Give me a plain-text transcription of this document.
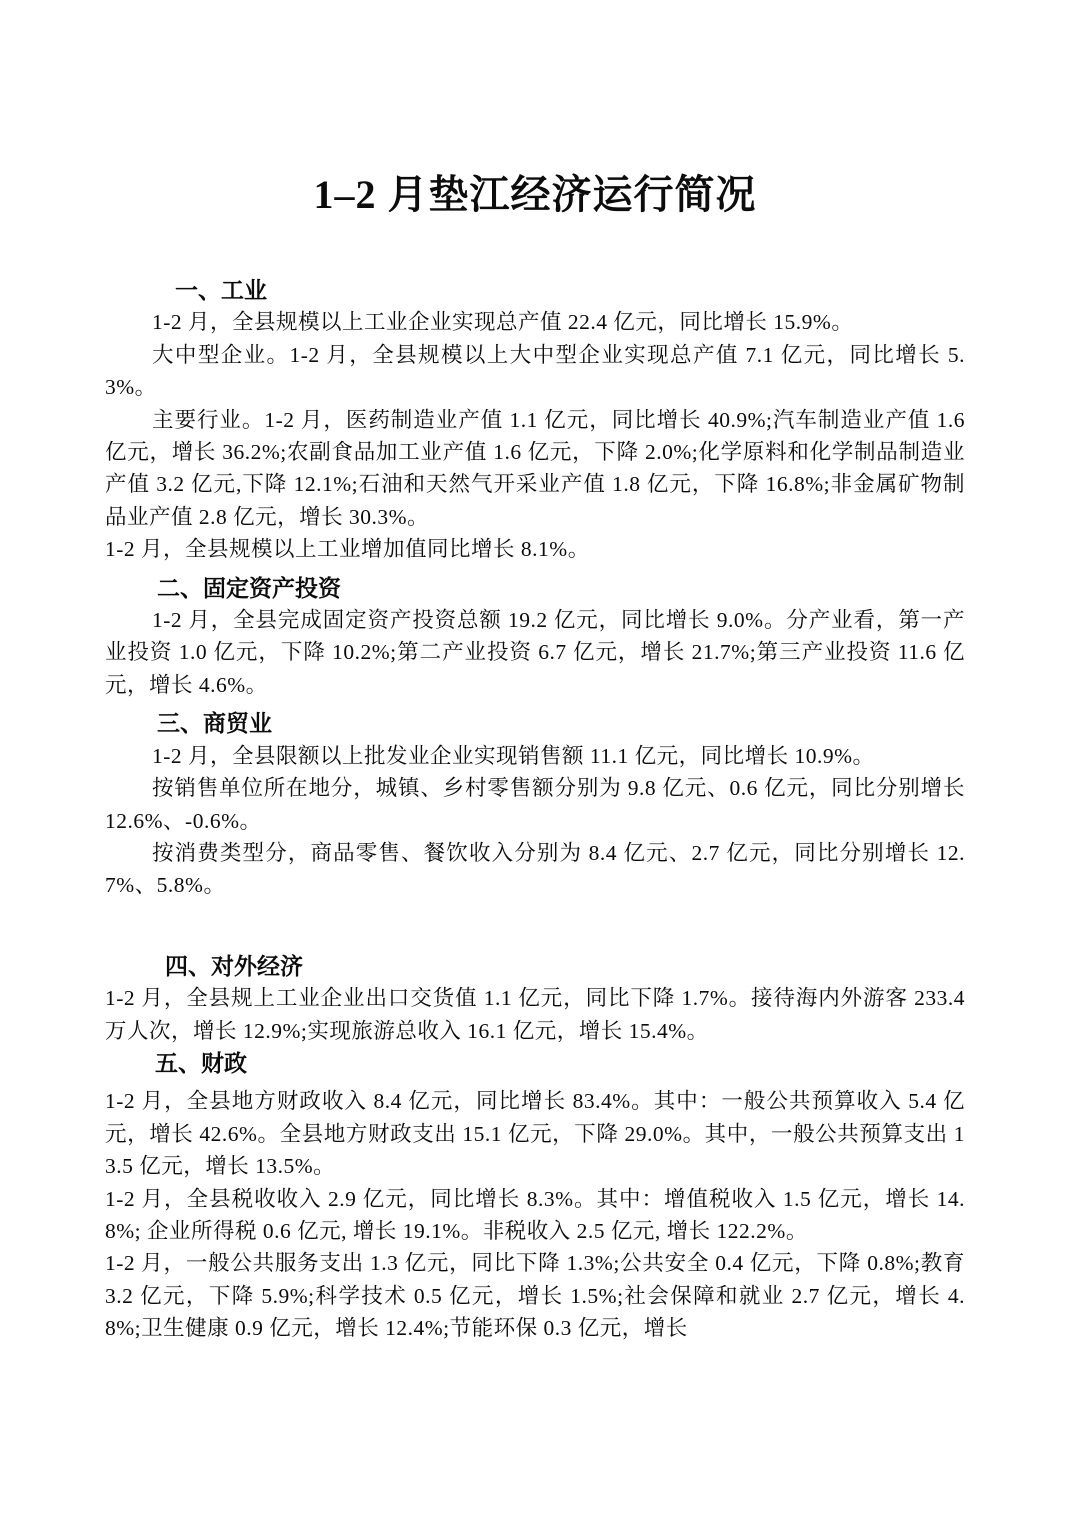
1–2 月垫江经济运行简况
一、工业

1-2 月，全县规模以上工业企业实现总产值 22.4 亿元，同比增长 15.9%。

大中型企业。1-2 月，全县规模以上大中型企业实现总产值 7.1 亿元，同比增长 5.3%。

主要行业。1-2 月，医药制造业产值 1.1 亿元，同比增长 40.9%;汽车制造业产值 1.6 亿元，增长 36.2%;农副食品加工业产值 1.6 亿元，下降 2.0%;化学原料和化学制品制造业产值 3.2 亿元,下降 12.1%;石油和天然气开采业产值 1.8 亿元，下降 16.8%;非金属矿物制品业产值 2.8 亿元，增长 30.3%。

1-2 月，全县规模以上工业增加值同比增长 8.1%。

二、固定资产投资

1-2 月，全县完成固定资产投资总额 19.2 亿元，同比增长 9.0%。分产业看，第一产业投资 1.0 亿元，下降 10.2%;第二产业投资 6.7 亿元，增长 21.7%;第三产业投资 11.6 亿元，增长 4.6%。

三、商贸业

1-2 月，全县限额以上批发业企业实现销售额 11.1 亿元，同比增长 10.9%。

按销售单位所在地分，城镇、乡村零售额分别为 9.8 亿元、0.6 亿元，同比分别增长 12.6%、-0.6%。

按消费类型分，商品零售、餐饮收入分别为 8.4 亿元、2.7 亿元，同比分别增长 12.7%、5.8%。

四、对外经济

1-2 月，全县规上工业企业出口交货值 1.1 亿元，同比下降 1.7%。接待海内外游客 233.4 万人次，增长 12.9%;实现旅游总收入 16.1 亿元，增长 15.4%。

五、财政

1-2 月，全县地方财政收入 8.4 亿元，同比增长 83.4%。其中：一般公共预算收入 5.4 亿元，增长 42.6%。全县地方财政支出 15.1 亿元，下降 29.0%。其中，一般公共预算支出 13.5 亿元，增长 13.5%。

1-2 月，全县税收收入 2.9 亿元，同比增长 8.3%。其中：增值税收入 1.5 亿元，增长 14.8%; 企业所得税 0.6 亿元, 增长 19.1%。非税收入 2.5 亿元, 增长 122.2%。

1-2 月，一般公共服务支出 1.3 亿元，同比下降 1.3%;公共安全 0.4 亿元，下降 0.8%;教育 3.2 亿元，下降 5.9%;科学技术 0.5 亿元，增长 1.5%;社会保障和就业 2.7 亿元，增长 4.8%;卫生健康 0.9 亿元，增长 12.4%;节能环保 0.3 亿元，增长
